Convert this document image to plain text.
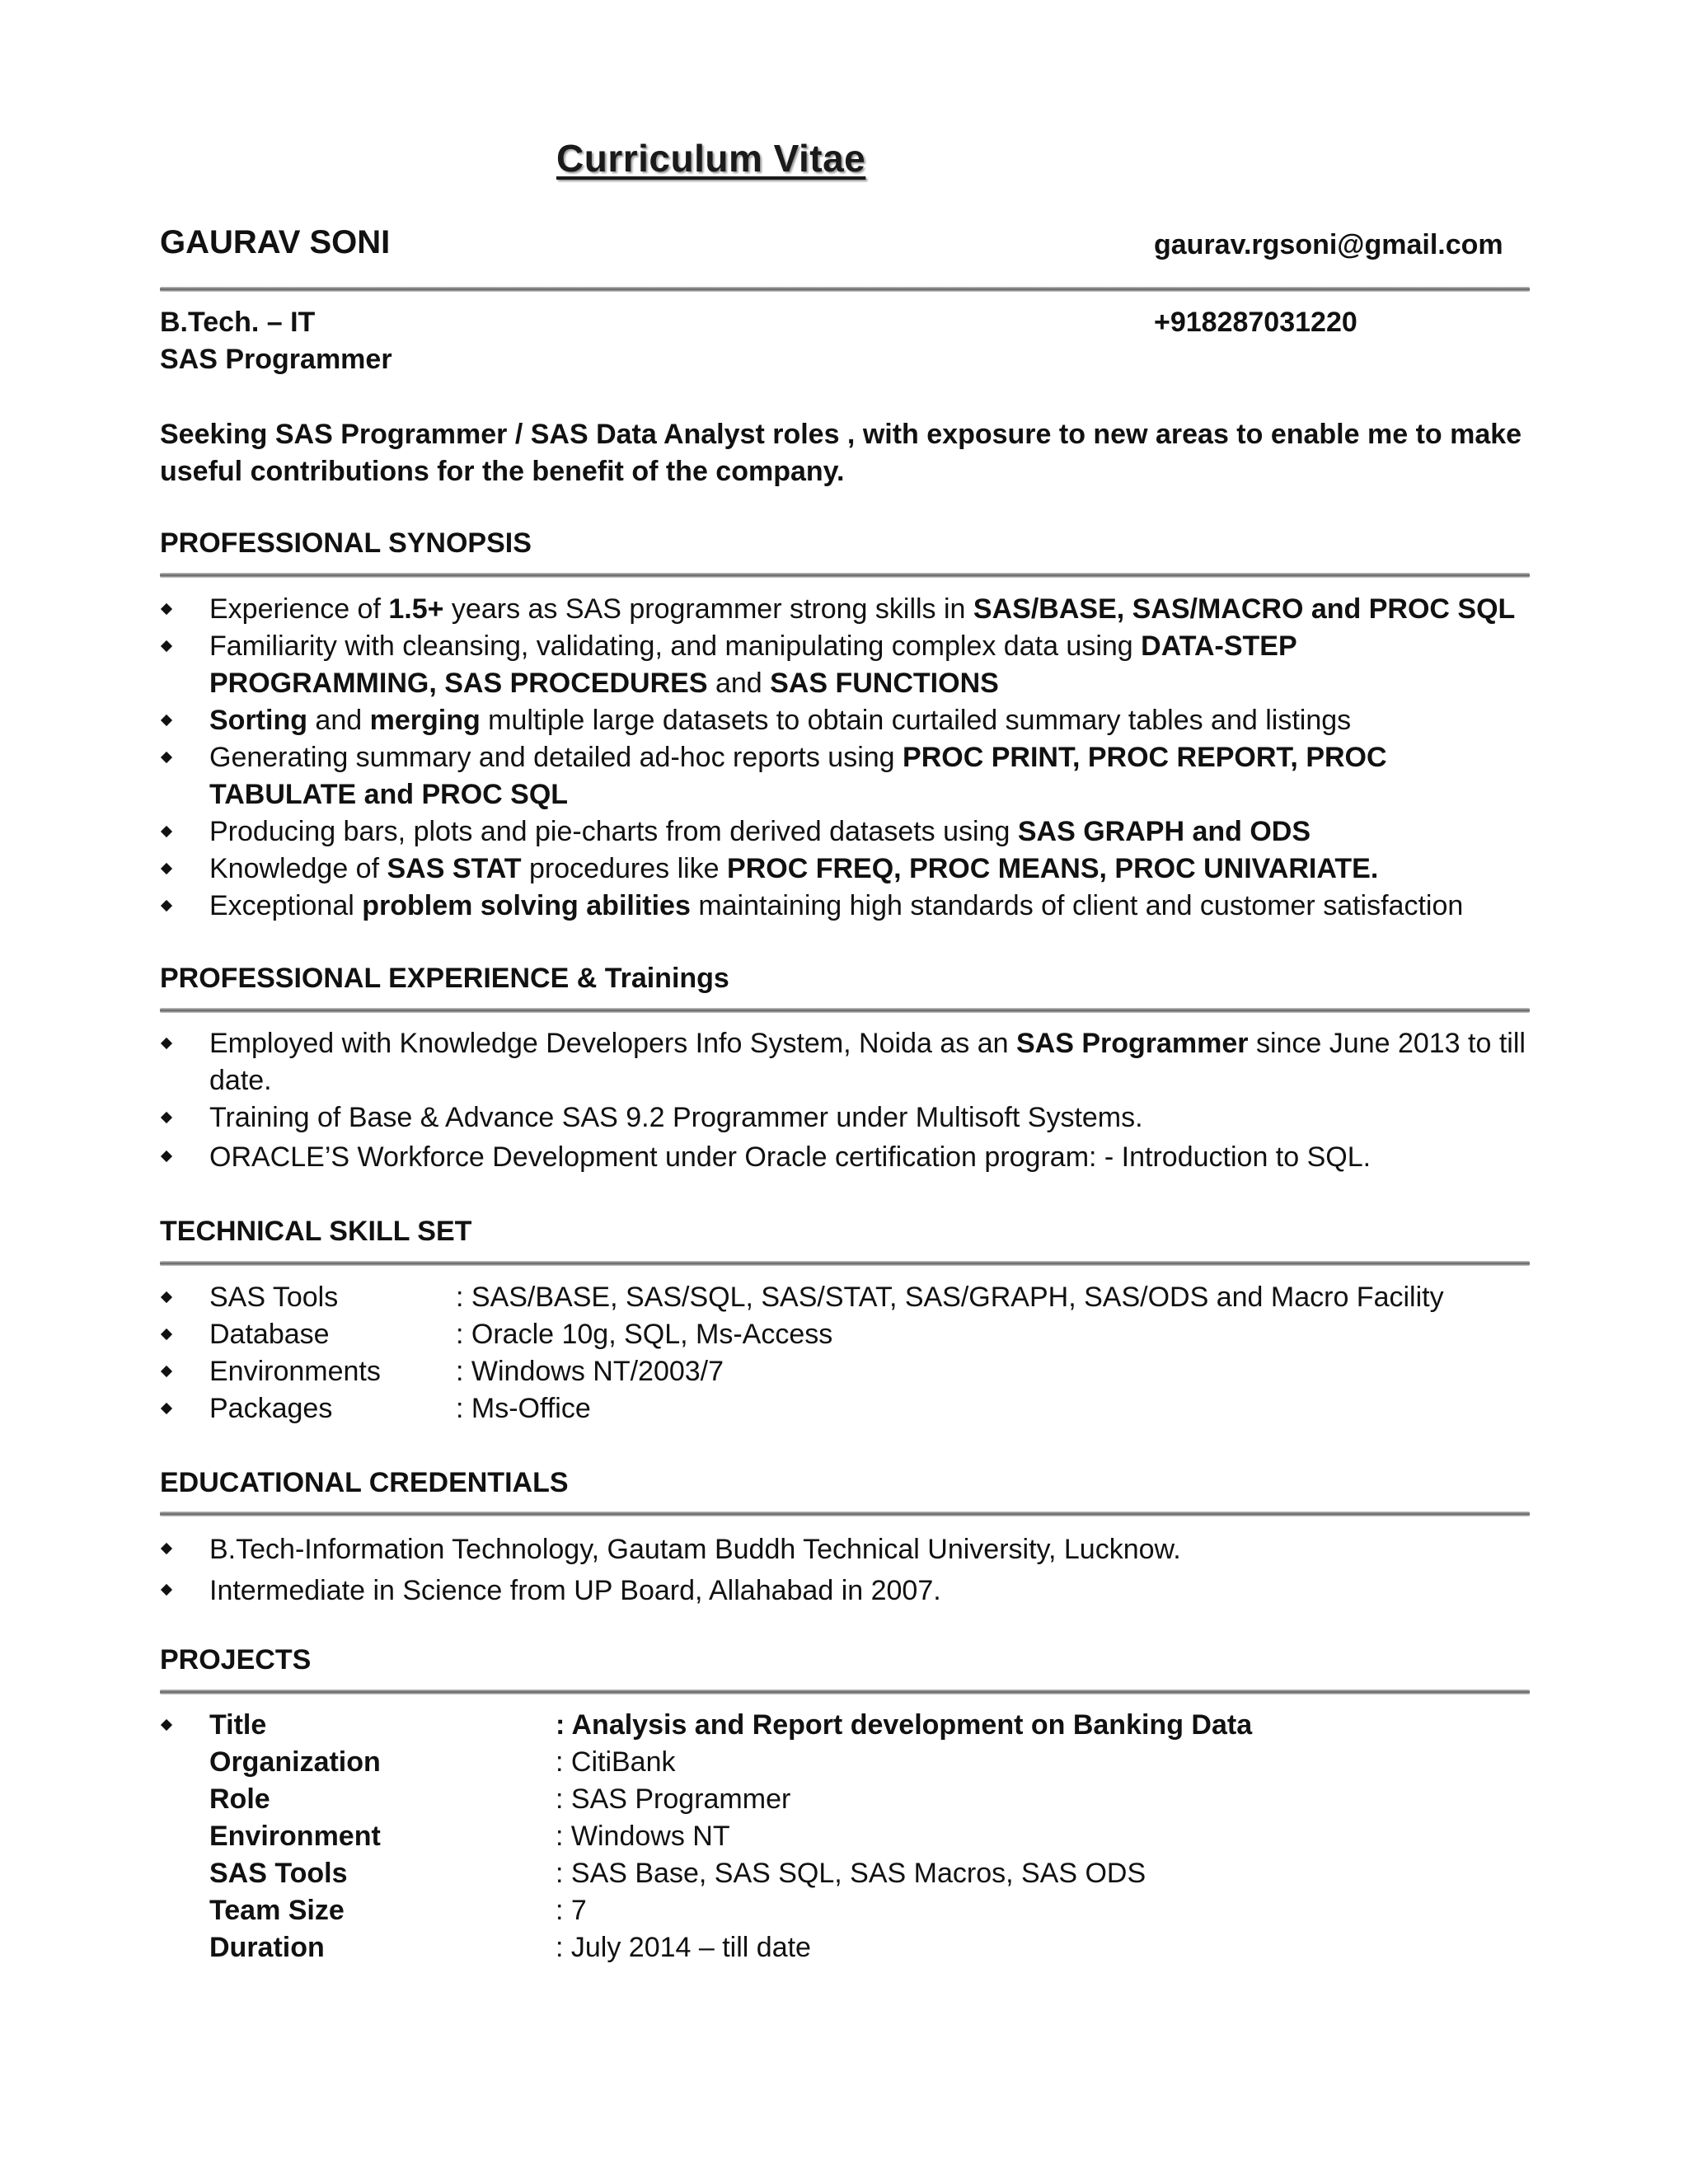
Curriculum Vitae
GAURAV SONI	gaurav.rgsoni@gmail.com
B.Tech. – IT	+918287031220
SAS Programmer
Seeking SAS Programmer / SAS Data Analyst roles , with exposure to new areas to enable me to make useful contributions for the benefit of the company.
PROFESSIONAL SYNOPSIS
Experience of 1.5+ years as SAS programmer strong skills in SAS/BASE, SAS/MACRO and PROC SQL
Familiarity with cleansing, validating, and manipulating complex data using DATA-STEP PROGRAMMING, SAS PROCEDURES and SAS FUNCTIONS
Sorting and merging multiple large datasets to obtain curtailed summary tables and listings
Generating summary and detailed ad-hoc reports using PROC PRINT, PROC REPORT, PROC TABULATE and PROC SQL
Producing bars, plots and pie-charts from derived datasets using SAS GRAPH and ODS
Knowledge of SAS STAT procedures like PROC FREQ, PROC MEANS, PROC UNIVARIATE.
Exceptional problem solving abilities maintaining high standards of client and customer satisfaction
PROFESSIONAL EXPERIENCE & Trainings
Employed with Knowledge Developers Info System, Noida as an SAS Programmer since June 2013 to till date.
Training of Base & Advance SAS 9.2 Programmer under Multisoft Systems.
ORACLE’S Workforce Development under Oracle certification program: - Introduction to SQL.
TECHNICAL SKILL SET
SAS Tools	: SAS/BASE, SAS/SQL, SAS/STAT, SAS/GRAPH, SAS/ODS and Macro Facility
Database	: Oracle 10g, SQL, Ms-Access
Environments	: Windows NT/2003/7
Packages	: Ms-Office
EDUCATIONAL CREDENTIALS
B.Tech-Information Technology, Gautam Buddh Technical University, Lucknow.
Intermediate in Science from UP Board, Allahabad in 2007.
PROJECTS
Title	: Analysis and Report development on Banking Data
Organization	: CitiBank
Role	: SAS Programmer
Environment	: Windows NT
SAS Tools	: SAS Base, SAS SQL, SAS Macros, SAS ODS
Team Size	: 7
Duration	: July 2014 – till date
